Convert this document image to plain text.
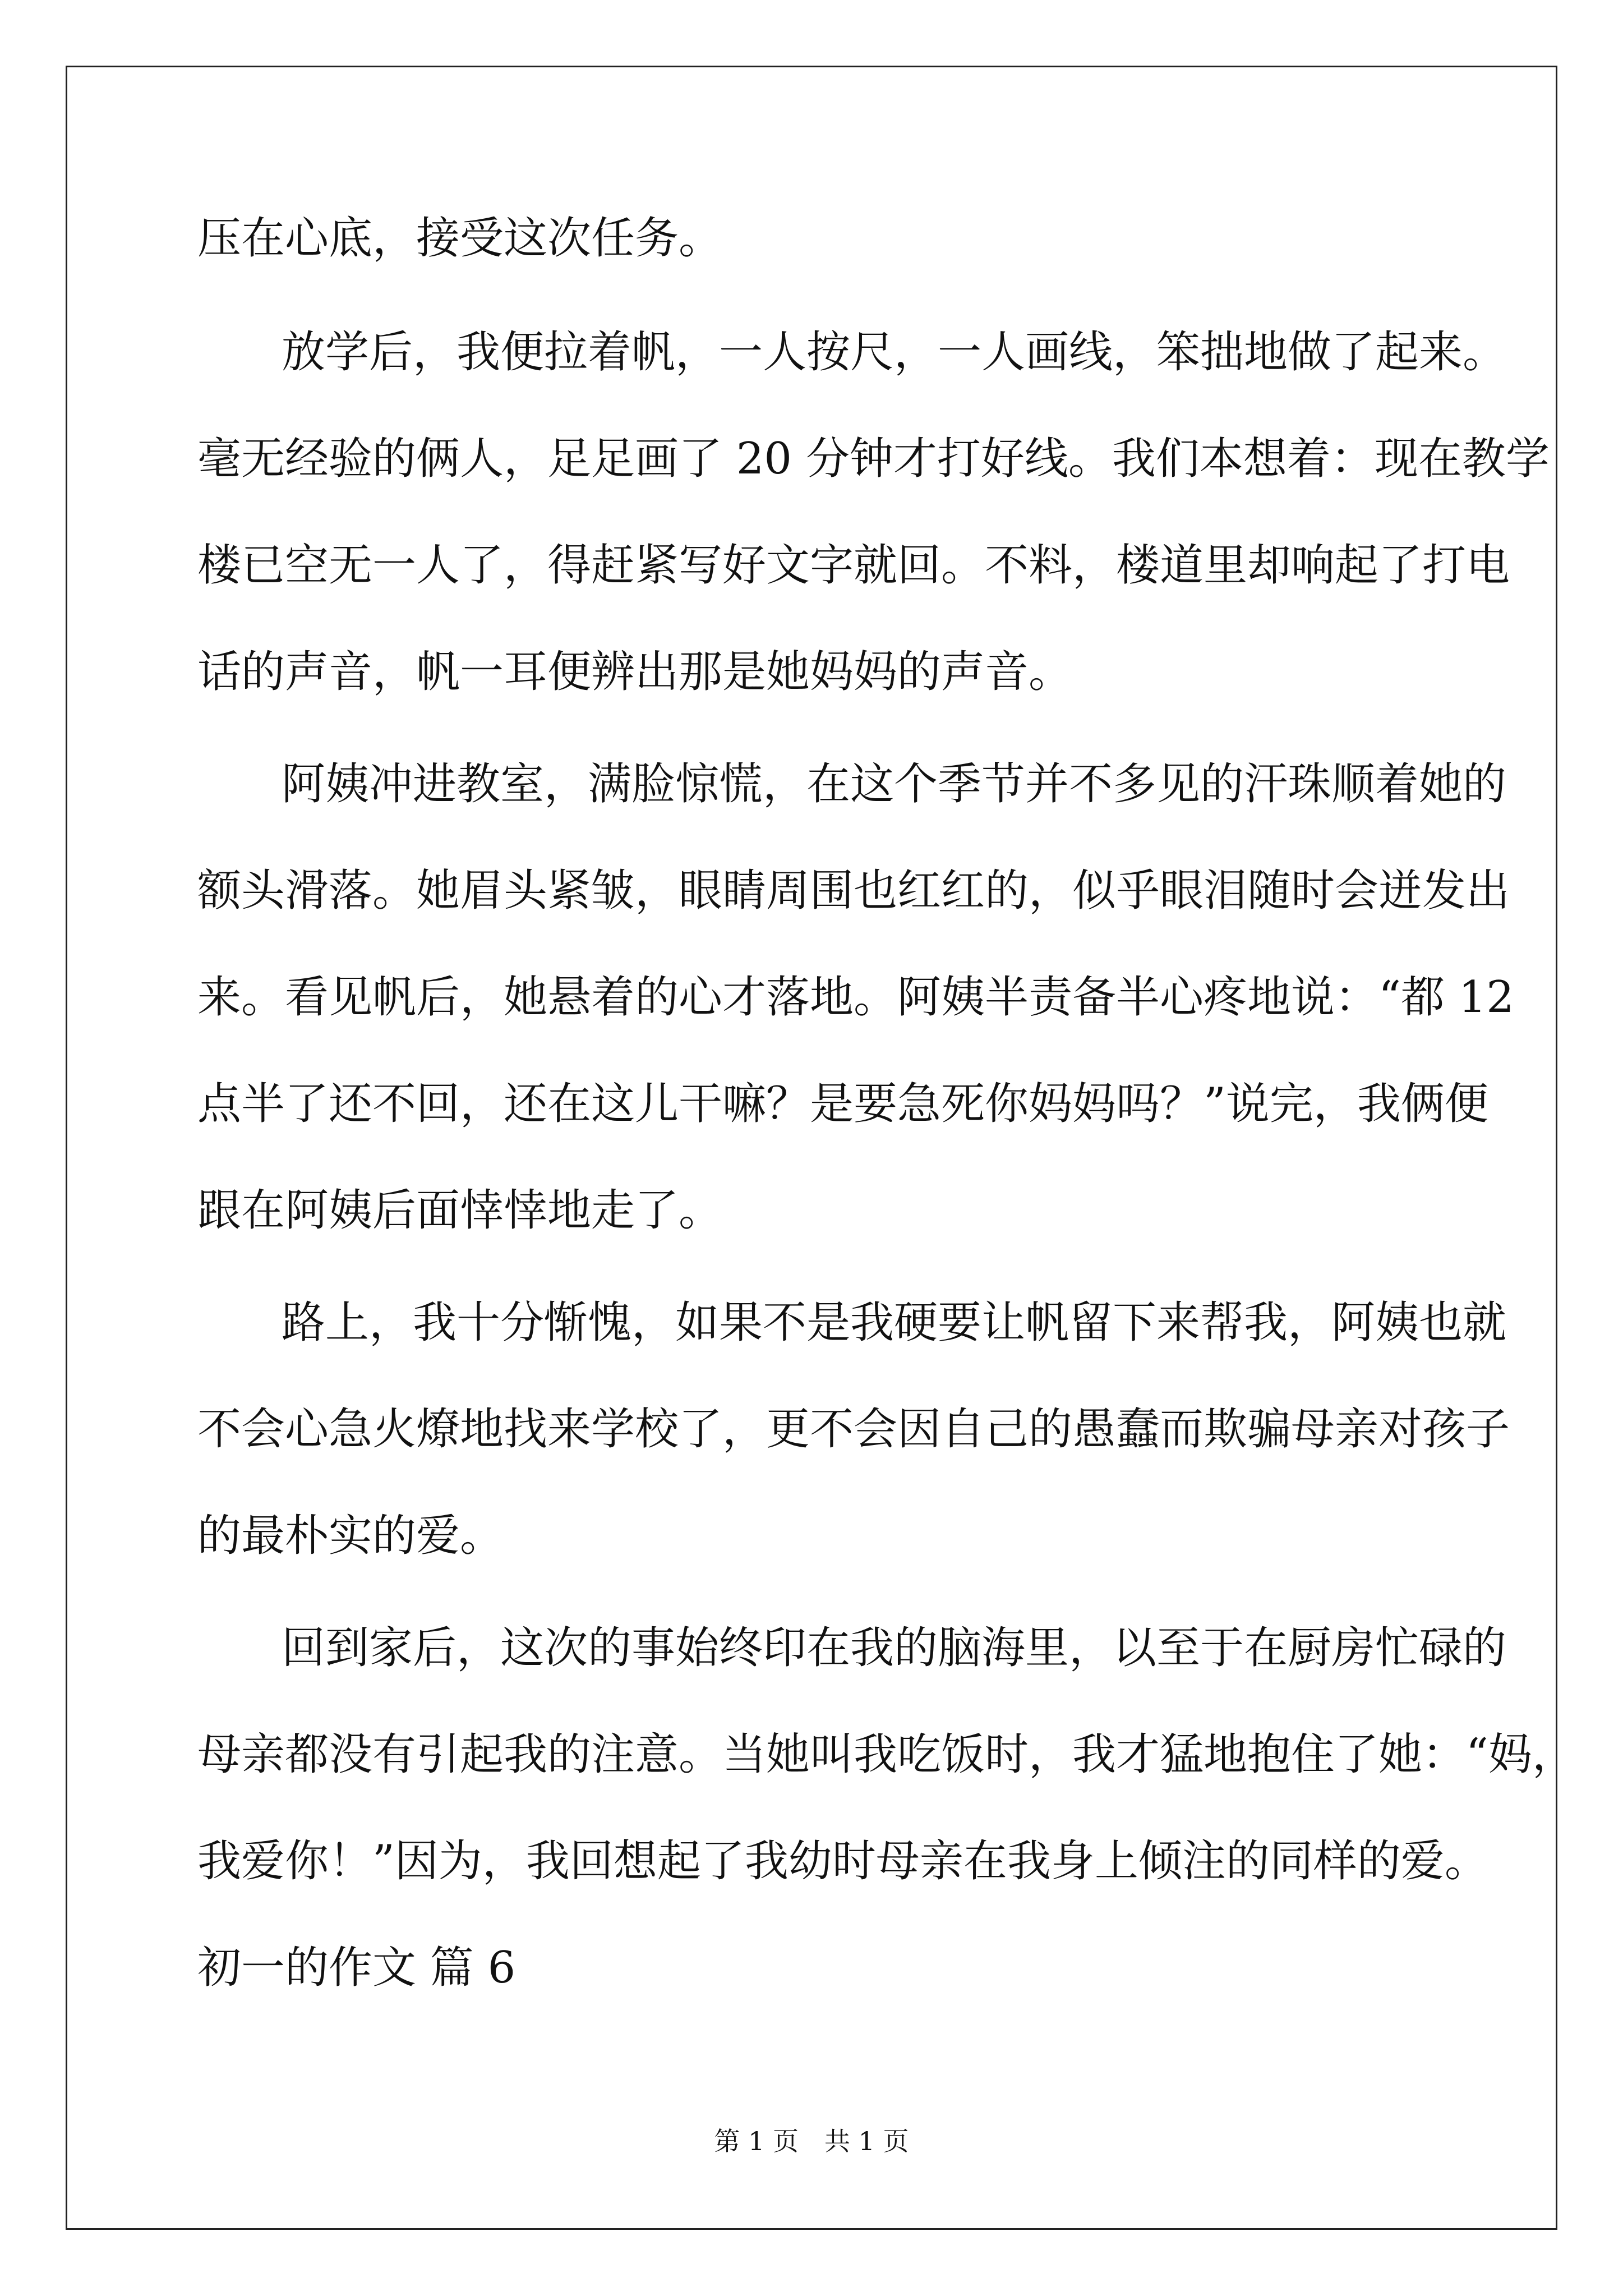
压在心底，接受这次任务。
放学后，我便拉着帆，一人按尺，一人画线，笨拙地做了起来。
毫无经验的俩人，足足画了 20 分钟才打好线。我们本想着：现在教学
楼已空无一人了，得赶紧写好文字就回。不料，楼道里却响起了打电
话的声音，帆一耳便辨出那是她妈妈的声音。
阿姨冲进教室，满脸惊慌，在这个季节并不多见的汗珠顺着她的
额头滑落。她眉头紧皱，眼睛周围也红红的，似乎眼泪随时会迸发出
来。看见帆后，她悬着的心才落地。阿姨半责备半心疼地说：“都 12
点半了还不回，还在这儿干嘛？是要急死你妈妈吗？”说完，我俩便
跟在阿姨后面悻悻地走了。
路上，我十分惭愧，如果不是我硬要让帆留下来帮我，阿姨也就
不会心急火燎地找来学校了，更不会因自己的愚蠢而欺骗母亲对孩子
的最朴实的爱。
回到家后，这次的事始终印在我的脑海里，以至于在厨房忙碌的
母亲都没有引起我的注意。当她叫我吃饭时，我才猛地抱住了她：“妈，
我爱你！”因为，我回想起了我幼时母亲在我身上倾注的同样的爱。
初一的作文 篇 6
第 1 页　共 1 页
